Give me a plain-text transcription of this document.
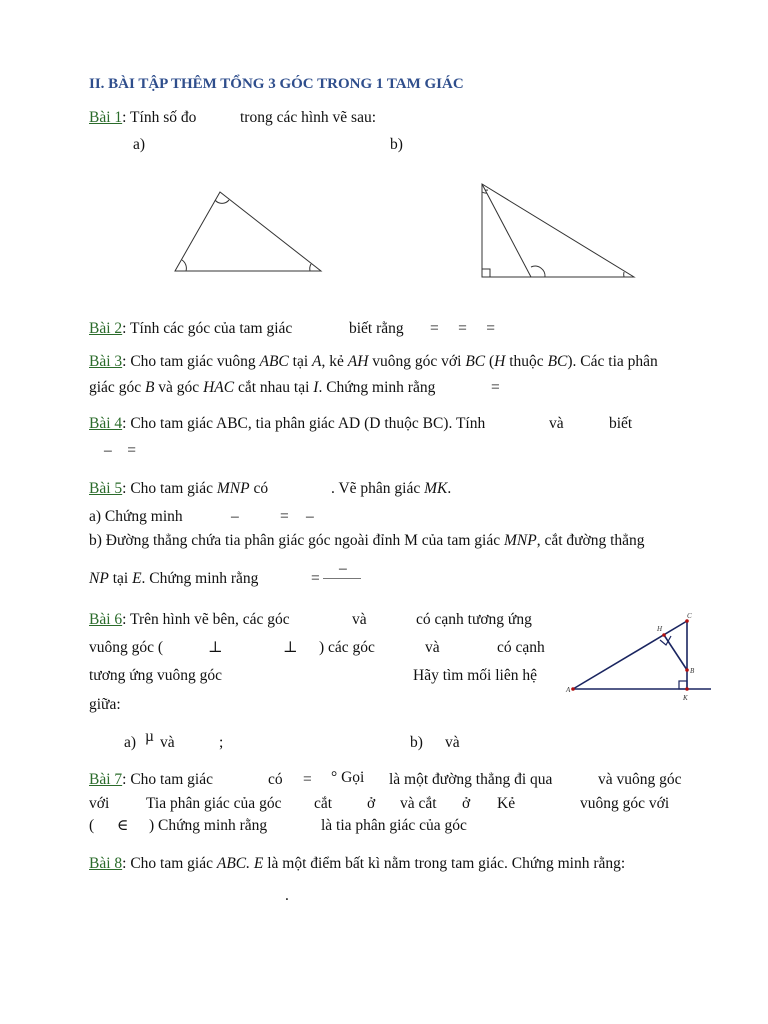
II. BÀI TẬP THÊM TỔNG 3 GÓC TRONG 1 TAM GIÁC
Bài 1: Tính số đo	trong các hình vẽ sau:
a)	b)
Bài 2: Tính các góc của tam giác	biết rằng =     =     =
Bài 3: Cho tam giác vuông ABC tại A, kẻ AH vuông góc với BC (H thuộc BC). Các tia phân
giác góc B và góc HAC cắt nhau tại I. Chứng minh rằng	=
Bài 4: Cho tam giác ABC, tia phân giác AD (D thuộc BC). Tính	và	biết
–    =
Bài 5: Cho tam giác MNP có	. Vẽ phân giác MK.
a) Chứng minh	–	= –
b) Đường thẳng chứa tia phân giác góc ngoài đỉnh M của tam giác MNP, cắt đường thẳng
NP tại E. Chứng minh rằng	=
–
Bài 6: Trên hình vẽ bên, các góc	và	có cạnh tương ứng
vuông góc (	⊥	⊥ ) các góc	và	có cạnh
tương ứng vuông góc	Hãy tìm mối liên hệ
giữa:
a) µ và	;	b) và
C
H
B
A
K
Bài 7: Cho tam giác	có = ° Gọi là một đường thẳng đi qua	và vuông góc
với Tia phân giác của góc cắt ở và cắt ở Kẻ	vuông góc với
( ∈ ) Chứng minh rằng	là tia phân giác của góc
Bài 8: Cho tam giác ABC. E là một điểm bất kì nằm trong tam giác. Chứng minh rằng:
.
